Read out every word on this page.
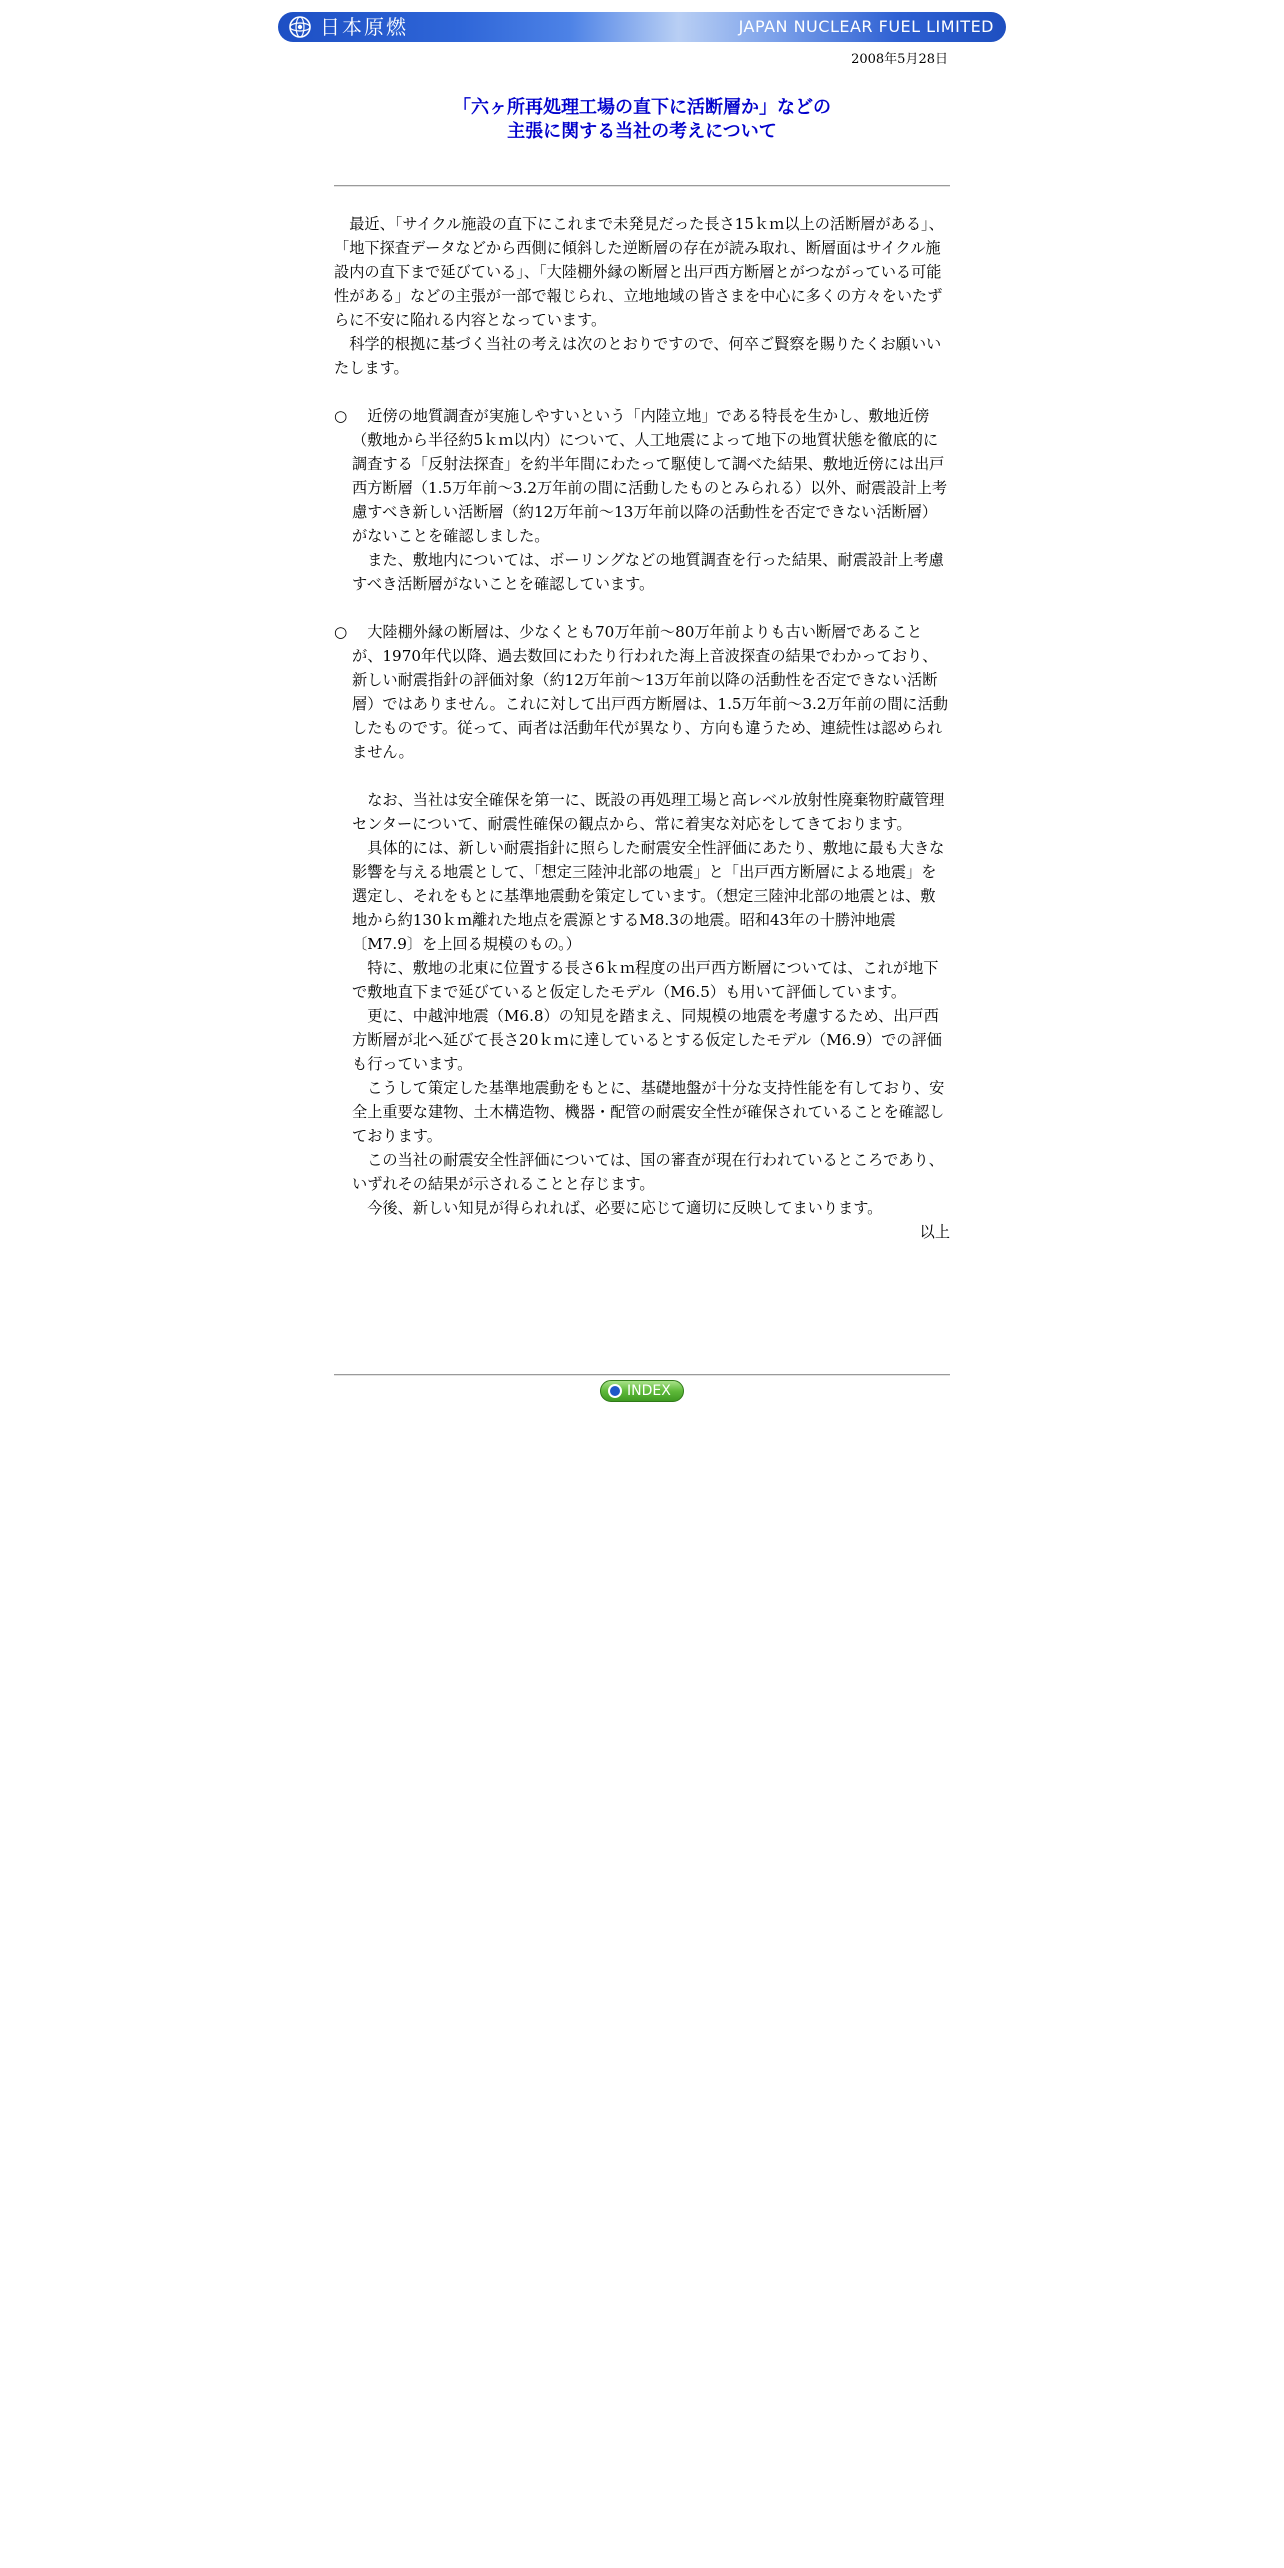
日本原燃	JAPAN NUCLEAR FUEL LIMITED
2008年5月28日
「六ヶ所再処理工場の直下に活断層か」などの
主張に関する当社の考えについて

最近、「サイクル施設の直下にこれまで未発見だった長さ15ｋｍ以上の活断層がある」、「地下探査データなどから西側に傾斜した逆断層の存在が読み取れ、断層面はサイクル施設内の直下まで延びている」、「大陸棚外縁の断層と出戸西方断層とがつながっている可能性がある」などの主張が一部で報じられ、立地地域の皆さまを中心に多くの方々をいたずらに不安に陥れる内容となっています。

科学的根拠に基づく当社の考えは次のとおりですので、何卒ご賢察を賜りたくお願いいたします。

○	近傍の地質調査が実施しやすいという「内陸立地」である特長を生かし、敷地近傍（敷地から半径約5ｋｍ以内）について、人工地震によって地下の地質状態を徹底的に調査する「反射法探査」を約半年間にわたって駆使して調べた結果、敷地近傍には出戸西方断層（1.5万年前～3.2万年前の間に活動したものとみられる）以外、耐震設計上考慮すべき新しい活断層（約12万年前～13万年前以降の活動性を否定できない活断層）がないことを確認しました。

また、敷地内については、ボーリングなどの地質調査を行った結果、耐震設計上考慮すべき活断層がないことを確認しています。

○	大陸棚外縁の断層は、少なくとも70万年前～80万年前よりも古い断層であることが、1970年代以降、過去数回にわたり行われた海上音波探査の結果でわかっており、新しい耐震指針の評価対象（約12万年前～13万年前以降の活動性を否定できない活断層）ではありません。これに対して出戸西方断層は、1.5万年前～3.2万年前の間に活動したものです。従って、両者は活動年代が異なり、方向も違うため、連続性は認められません。

なお、当社は安全確保を第一に、既設の再処理工場と高レベル放射性廃棄物貯蔵管理センターについて、耐震性確保の観点から、常に着実な対応をしてきております。

具体的には、新しい耐震指針に照らした耐震安全性評価にあたり、敷地に最も大きな影響を与える地震として、「想定三陸沖北部の地震」と「出戸西方断層による地震」を選定し、それをもとに基準地震動を策定しています。（想定三陸沖北部の地震とは、敷地から約130ｋｍ離れた地点を震源とするM8.3の地震。昭和43年の十勝沖地震〔M7.9〕を上回る規模のもの。）

特に、敷地の北東に位置する長さ6ｋｍ程度の出戸西方断層については、これが地下で敷地直下まで延びていると仮定したモデル（M6.5）も用いて評価しています。

更に、中越沖地震（M6.8）の知見を踏まえ、同規模の地震を考慮するため、出戸西方断層が北へ延びて長さ20ｋｍに達しているとする仮定したモデル（M6.9）での評価も行っています。

こうして策定した基準地震動をもとに、基礎地盤が十分な支持性能を有しており、安全上重要な建物、土木構造物、機器・配管の耐震安全性が確保されていることを確認しております。

この当社の耐震安全性評価については、国の審査が現在行われているところであり、いずれその結果が示されることと存じます。

今後、新しい知見が得られれば、必要に応じて適切に反映してまいります。

以上

INDEX
